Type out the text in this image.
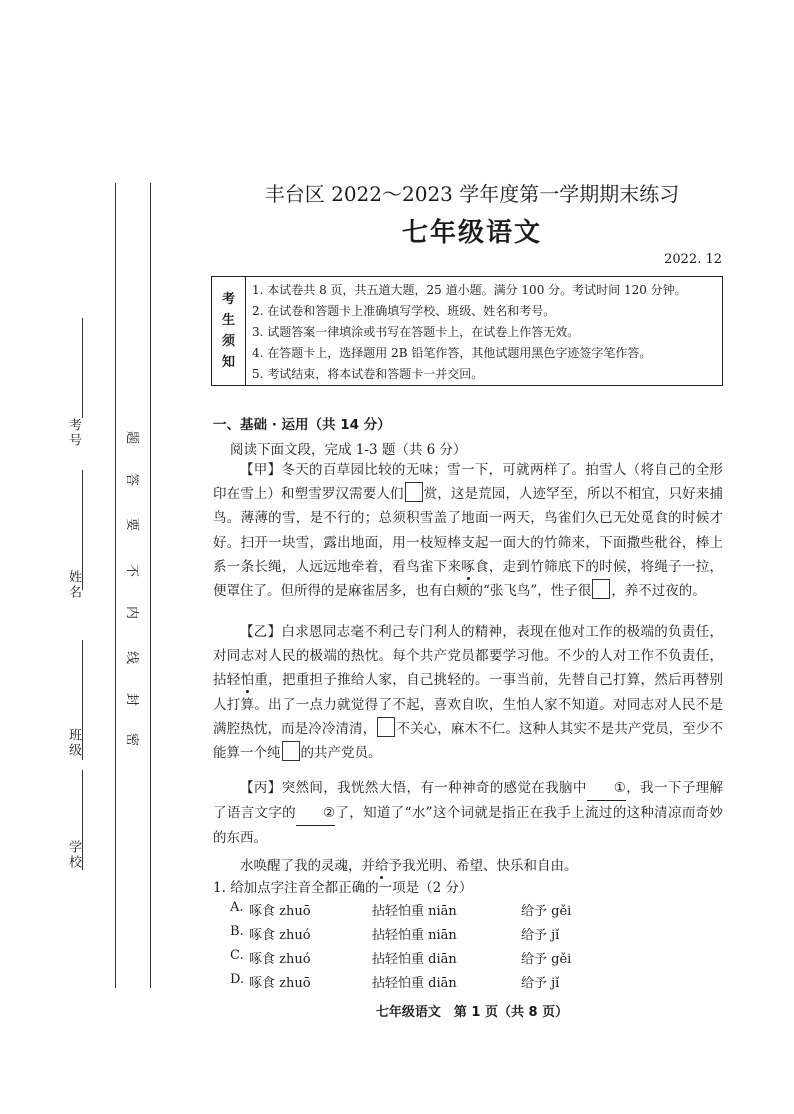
学校
班级
姓名
考号
密
封
线
内
不
要
答
题
丰台区 2022～2023 学年度第一学期期末练习
七年级语文
2022. 12
考
生
须
知
1. 本试卷共 8 页，共五道大题，25 道小题。满分 100 分。考试时间 120 分钟。
2. 在试卷和答题卡上准确填写学校、班级、姓名和考号。
3. 试题答案一律填涂或书写在答题卡上，在试卷上作答无效。
4. 在答题卡上，选择题用 2B 铅笔作答，其他试题用黑色字迹签字笔作答。
5. 考试结束，将本试卷和答题卡一并交回。
一、基础 · 运用（共 14 分）
阅读下面文段，完成 1-3 题（共 6 分）

【甲】冬天的百草园比较的无味；雪一下，可就两样了。拍雪人（将自己的全形印在雪上）和塑雪罗汉需要人们 赏，这是荒园，人迹罕至，所以不相宜，只好来捕鸟。薄薄的雪，是不行的；总须积雪盖了地面一两天，鸟雀们久已无处觅食的时候才好。扫开一块雪，露出地面，用一枝短棒支起一面大的竹筛来，下面撒些秕谷，棒上系一条长绳，人远远地牵着，看鸟雀下来啄食，走到竹筛底下的时候，将绳子一拉，便罩住了。但所得的是麻雀居多，也有白颊的“张飞鸟”，性子很 ，养不过夜的。

【乙】白求恩同志毫不利己专门利人的精神，表现在他对工作的极端的负责任，对同志对人民的极端的热忱。每个共产党员都要学习他。不少的人对工作不负责任，拈轻怕重，把重担子推给人家，自己挑轻的。一事当前，先替自己打算，然后再替别人打算。出了一点力就觉得了不起，喜欢自吹，生怕人家不知道。对同志对人民不是满腔热忱，而是冷冷清清， 不关心，麻木不仁。这种人其实不是共产党员，至少不能算一个纯 的共产党员。

【丙】突然间，我恍然大悟，有一种神奇的感觉在我脑中 ①，我一下子理解了语言文字的 ②了，知道了“水”这个词就是指正在我手上流过的这种清凉而奇妙的东西。

水唤醒了我的灵魂，并给予我光明、希望、快乐和自由。

1. 给加点字注音全都正确的一项是（2 分）
A. 啄食 zhuō	拈轻怕重 niān	给予 gěi
B. 啄食 zhuó	拈轻怕重 niān	给予 jǐ
C. 啄食 zhuó	拈轻怕重 diān	给予 gěi
D. 啄食 zhuō	拈轻怕重 diān	给予 jǐ
七年级语文　第 1 页（共 8 页）
